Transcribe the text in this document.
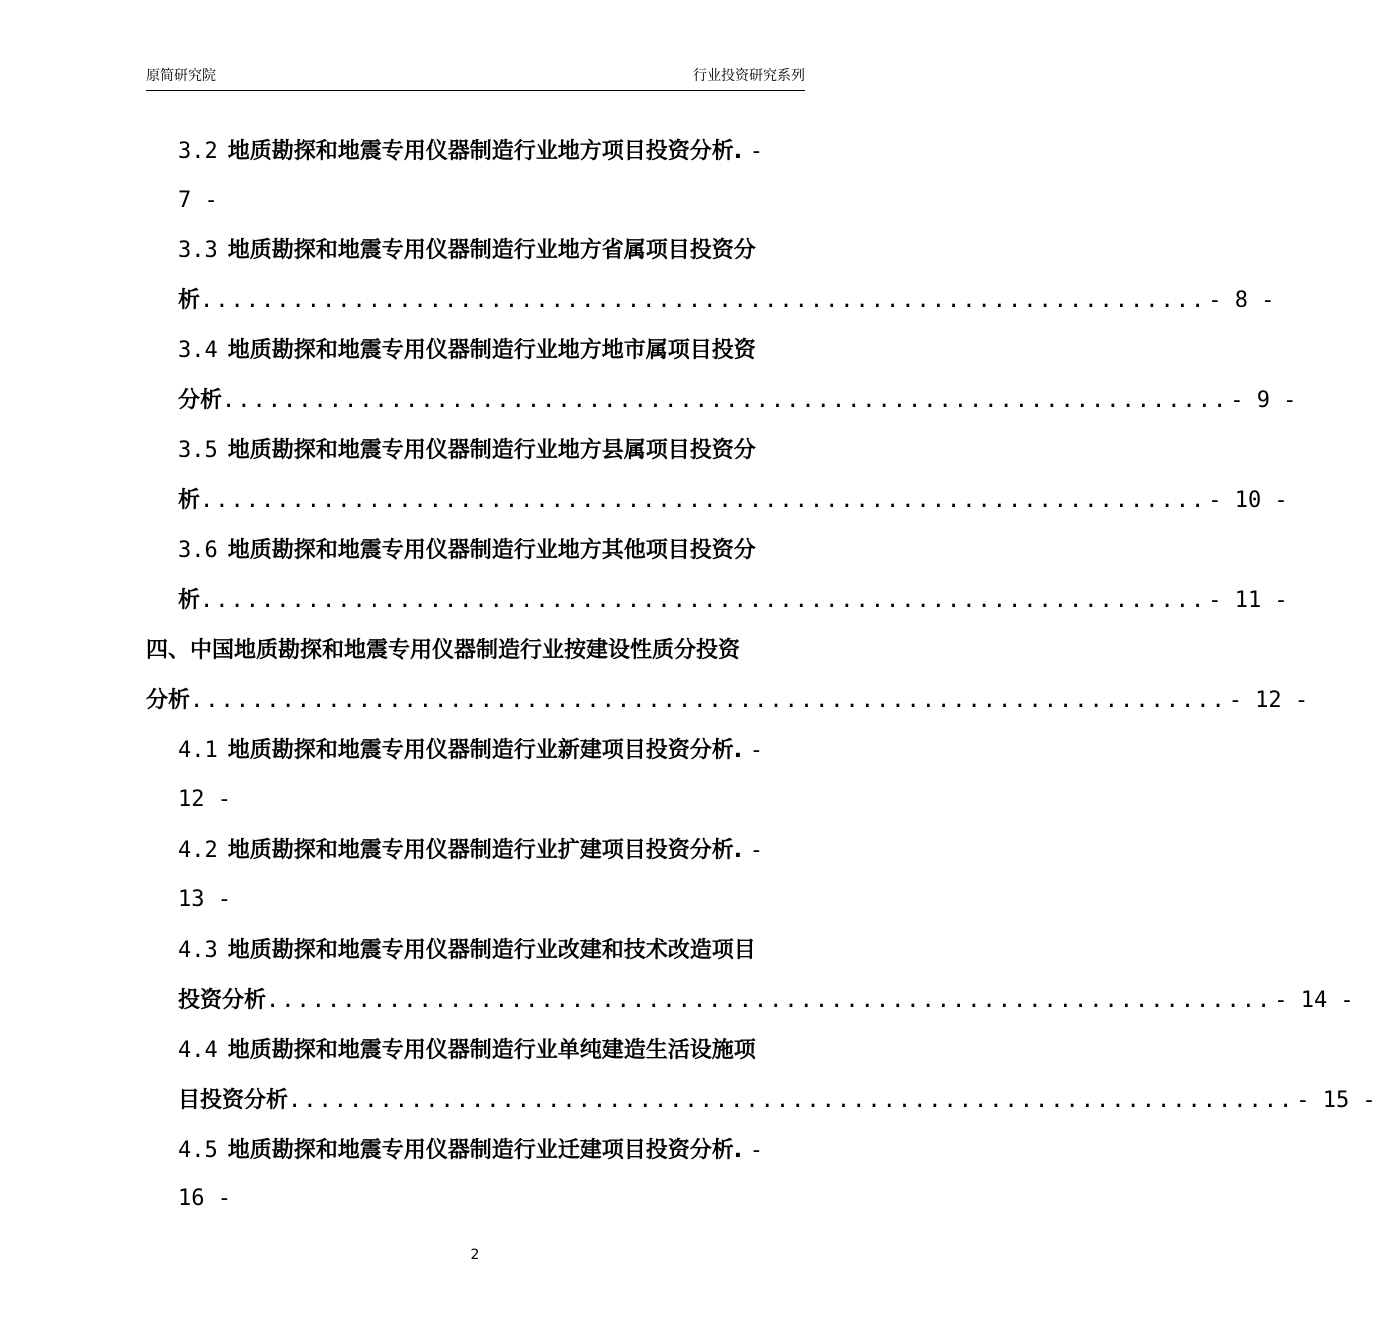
原简研究院	行业投资研究系列
3.2 地质勘探和地震专用仪器制造行业地方项目投资分析. -
7 -
3.3 地质勘探和地震专用仪器制造行业地方省属项目投资分
析 .................................................................. - 8 -
3.4 地质勘探和地震专用仪器制造行业地方地市属项目投资
分析 .................................................................. - 9 -
3.5 地质勘探和地震专用仪器制造行业地方县属项目投资分
析 .................................................................. - 10 -
3.6 地质勘探和地震专用仪器制造行业地方其他项目投资分
析 .................................................................. - 11 -
四、中国地质勘探和地震专用仪器制造行业按建设性质分投资
分析 .................................................................... - 12 -
4.1 地质勘探和地震专用仪器制造行业新建项目投资分析. -
12 -
4.2 地质勘探和地震专用仪器制造行业扩建项目投资分析. -
13 -
4.3 地质勘探和地震专用仪器制造行业改建和技术改造项目
投资分析 .................................................................. - 14 -
4.4 地质勘探和地震专用仪器制造行业单纯建造生活设施项
目投资分析 .................................................................. - 15 -
4.5 地质勘探和地震专用仪器制造行业迁建项目投资分析. -
16 -
2
